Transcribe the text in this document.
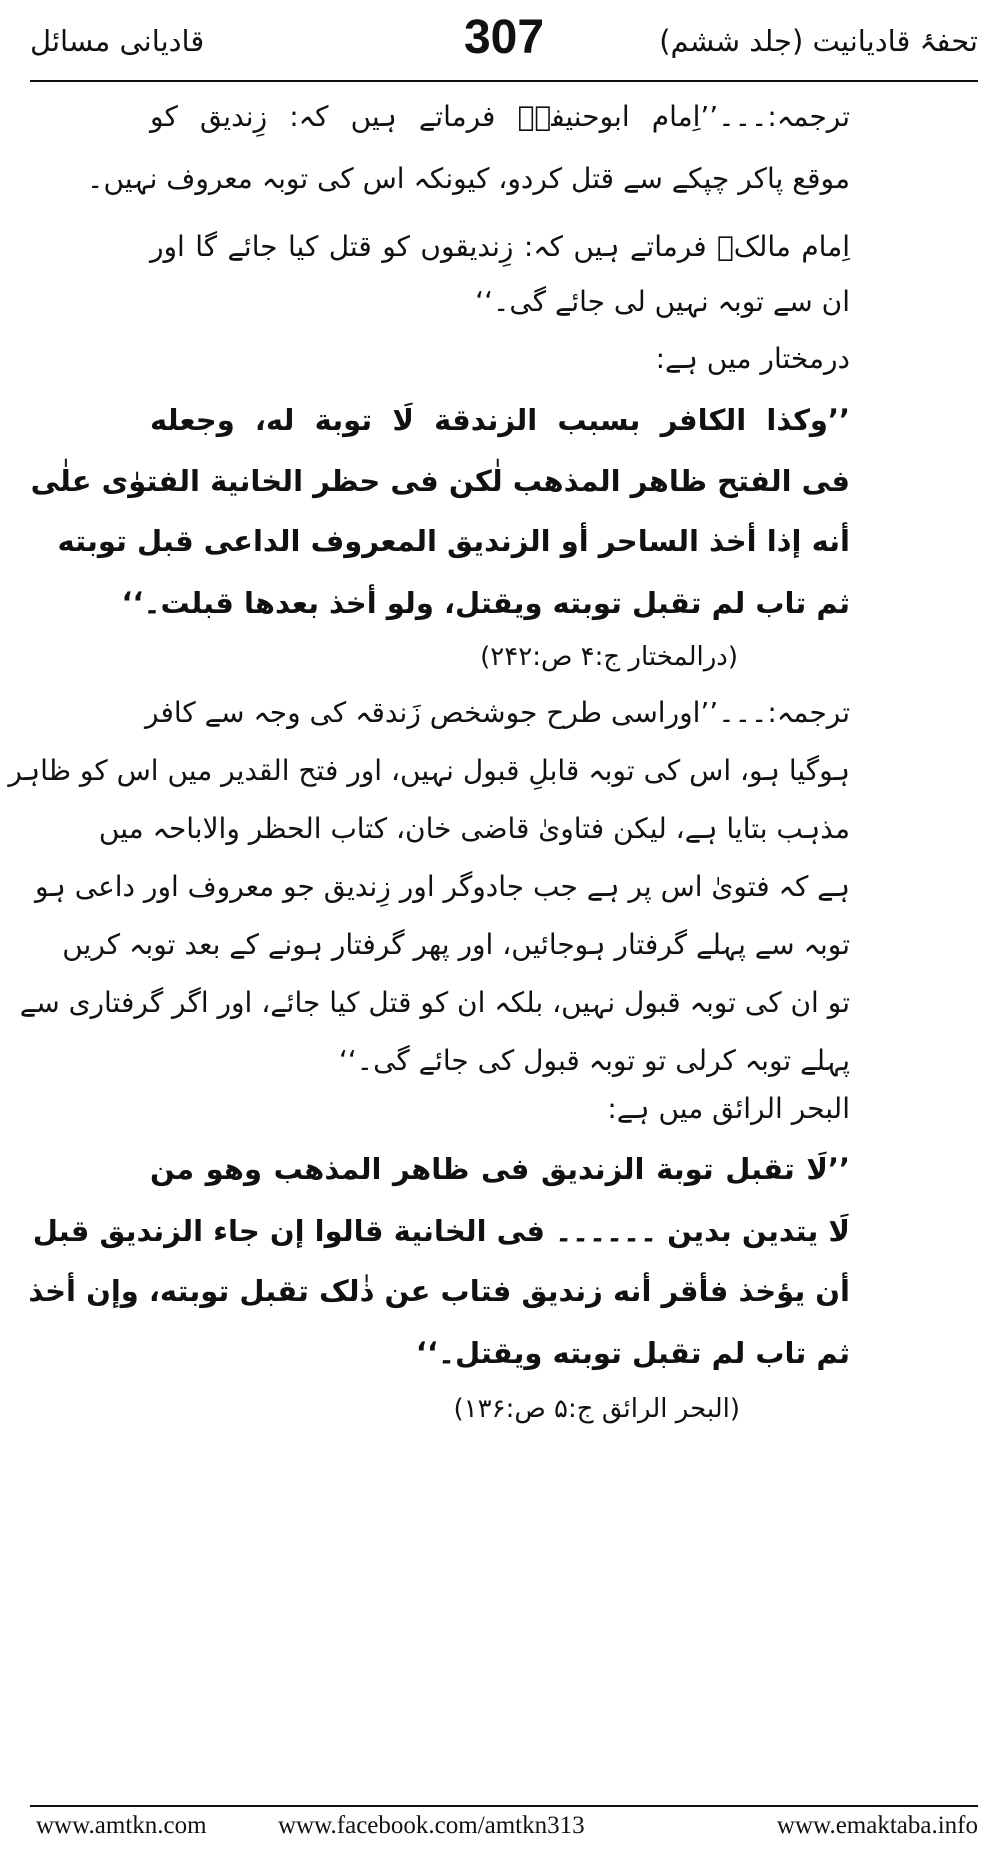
تحفۂ قادیانیت (جلد ششم)
307
قادیانی مسائل
ترجمہ:۔۔۔’’اِمام ابوحنیفہؒ فرماتے ہیں کہ: زِندیق کو
موقع پاکر چپکے سے قتل کردو، کیونکہ اس کی توبہ معروف نہیں۔
اِمام مالکؒ فرماتے ہیں کہ: زِندیقوں کو قتل کیا جائے گا اور
ان سے توبہ نہیں لی جائے گی۔‘‘
درمختار میں ہے:
’’وکذا الکافر بسبب الزندقة لَا توبة له، وجعله
فی الفتح ظاهر المذهب لٰکن فی حظر الخانیة الفتوٰی علٰی
أنه إذا أخذ الساحر أو الزندیق المعروف الداعی قبل توبته
ثم تاب لم تقبل توبته ویقتل، ولو أخذ بعدها قبلت۔‘‘
(درالمختار ج:۴ ص:۲۴۲)
ترجمہ:۔۔۔’’اوراسی طرح جوشخص زَندقہ کی وجہ سے کافر
ہوگیا ہو، اس کی توبہ قابلِ قبول نہیں، اور فتح القدیر میں اس کو ظاہر
مذہب بتایا ہے، لیکن فتاویٰ قاضی خان، کتاب الحظر والاباحہ میں
ہے کہ فتویٰ اس پر ہے جب جادوگر اور زِندیق جو معروف اور داعی ہو
توبہ سے پہلے گرفتار ہوجائیں، اور پھر گرفتار ہونے کے بعد توبہ کریں
تو ان کی توبہ قبول نہیں، بلکہ ان کو قتل کیا جائے، اور اگر گرفتاری سے
پہلے توبہ کرلی تو توبہ قبول کی جائے گی۔‘‘
البحر الرائق میں ہے:
’’لَا تقبل توبة الزندیق فی ظاهر المذهب وهو من
لَا یتدین بدین ۔۔۔۔۔۔ فی الخانیة قالوا إن جاء الزندیق قبل
أن یؤخذ فأقر أنه زندیق فتاب عن ذٰلک تقبل توبته، وإن أخذ
ثم تاب لم تقبل توبته ویقتل۔‘‘
(البحر الرائق ج:۵ ص:۱۳۶)
www.amtkn.com	www.facebook.com/amtkn313	www.emaktaba.info
